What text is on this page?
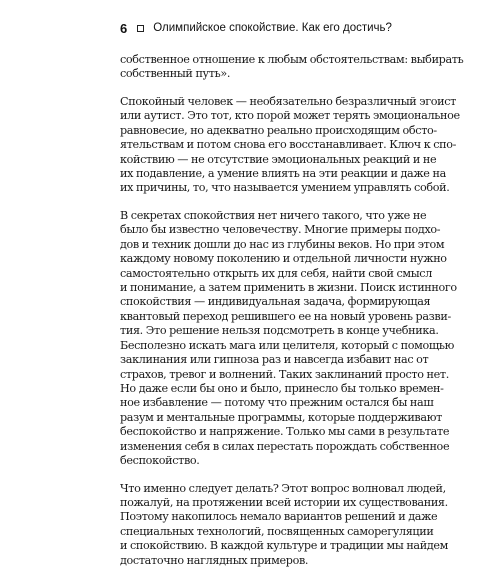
6 Олимпийское спокойствие. Как его достичь?

собственное отношение к любым обстоятельствам: выбирать
собственный путь».

Спокойный человек — необязательно безразличный эгоист
или аутист. Это тот, кто порой может терять эмоциональное
равновесие, но адекватно реально происходящим обсто-
ятельствам и потом снова его восстанавливает. Ключ к спо-
койствию — не отсутствие эмоциональных реакций и не
их подавление, а умение влиять на эти реакции и даже на
их причины, то, что называется умением управлять собой.

В секретах спокойствия нет ничего такого, что уже не
было бы известно человечеству. Многие примеры подхо-
дов и техник дошли до нас из глубины веков. Но при этом
каждому новому поколению и отдельной личности нужно
самостоятельно открыть их для себя, найти свой смысл
и понимание, а затем применить в жизни. Поиск истинного
спокойствия — индивидуальная задача, формирующая
квантовый переход решившего ее на новый уровень разви-
тия. Это решение нельзя подсмотреть в конце учебника.
Бесполезно искать мага или целителя, который с помощью
заклинания или гипноза раз и навсегда избавит нас от
страхов, тревог и волнений. Таких заклинаний просто нет.
Но даже если бы оно и было, принесло бы только времен-
ное избавление — потому что прежним остался бы наш
разум и ментальные программы, которые поддерживают
беспокойство и напряжение. Только мы сами в результате
изменения себя в силах перестать порождать собственное
беспокойство.

Что именно следует делать? Этот вопрос волновал людей,
пожалуй, на протяжении всей истории их существования.
Поэтому накопилось немало вариантов решений и даже
специальных технологий, посвященных саморегуляции
и спокойствию. В каждой культуре и традиции мы найдем
достаточно наглядных примеров.
